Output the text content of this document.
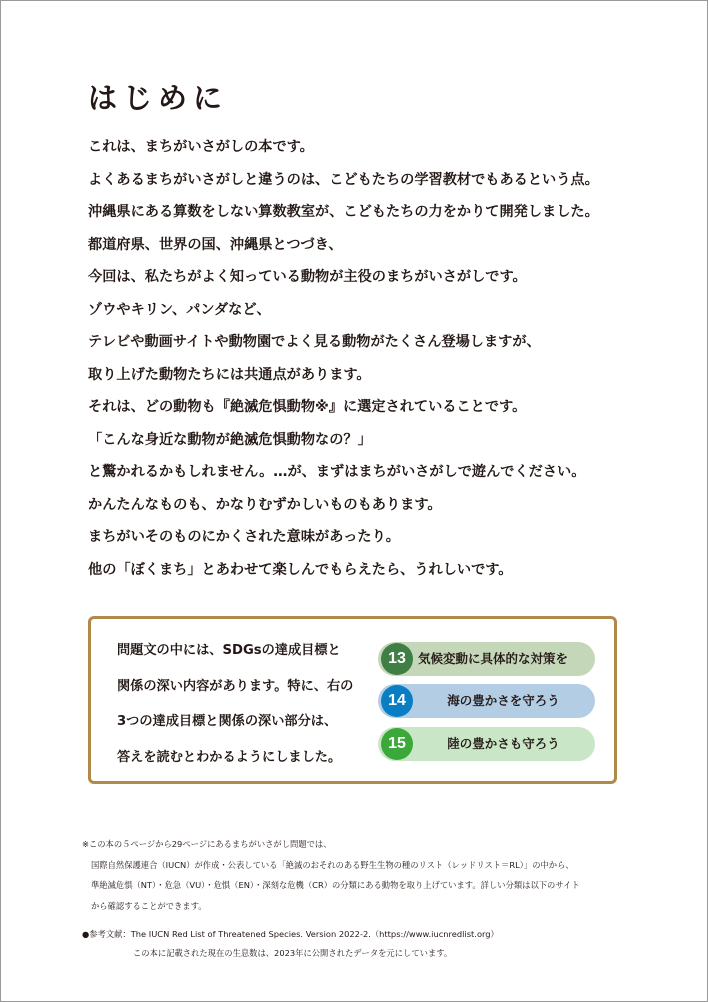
はじめに
これは、まちがいさがしの本です。
よくあるまちがいさがしと違うのは、こどもたちの学習教材でもあるという点。
沖縄県にある算数をしない算数教室が、こどもたちの力をかりて開発しました。
都道府県、世界の国、沖縄県とつづき、
今回は、私たちがよく知っている動物が主役のまちがいさがしです。
ゾウやキリン、パンダなど、
テレビや動画サイトや動物園でよく見る動物がたくさん登場しますが、
取り上げた動物たちには共通点があります。
それは、どの動物も『絶滅危惧動物※』に選定されていることです。
「こんな身近な動物が絶滅危惧動物なの？」
と驚かれるかもしれません。…が、まずはまちがいさがしで遊んでください。
かんたんなものも、かなりむずかしいものもあります。
まちがいそのものにかくされた意味があったり。
他の「ぼくまち」とあわせて楽しんでもらえたら、うれしいです。
問題文の中には、SDGsの達成目標と
関係の深い内容があります。特に、右の
3つの達成目標と関係の深い部分は、
答えを読むとわかるようにしました。
13 気候変動に具体的な対策を
14	海の豊かさを守ろう
15	陸の豊かさも守ろう
※この本の５ページから29ページにあるまちがいさがし問題では、
国際自然保護連合（IUCN）が作成・公表している「絶滅のおそれのある野生生物の種のリスト（レッドリスト＝RL）」の中から、
準絶滅危惧（NT）・危急（VU）・危惧（EN）・深刻な危機（CR）の分類にある動物を取り上げています。詳しい分類は以下のサイト
から確認することができます。
●参考文献：The IUCN Red List of Threatened Species. Version 2022-2.（https://www.iucnredlist.org）
この本に記載された現在の生息数は、2023年に公開されたデータを元にしています。
